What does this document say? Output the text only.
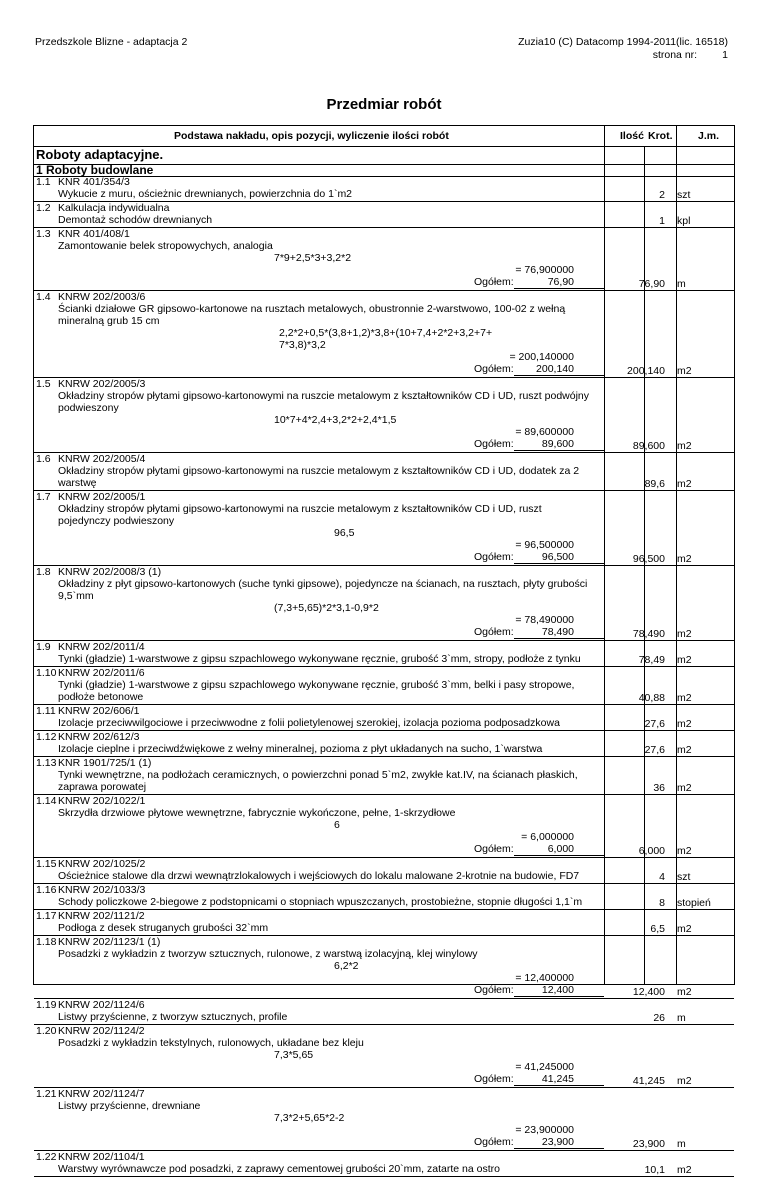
Przedszkole Blizne - adaptacja 2	Zuzia10 (C) Datacomp 1994-2011(lic. 16518)
strona nr: 1
Przedmiar robót
Podstawa nakładu, opis pozycji, wyliczenie ilości robót	Ilość Krot. J.m.
Roboty adaptacyjne.
1 Roboty budowlane
1.1 KNR 401/354/3
Wykucie z muru, ościeżnic drewnianych, powierzchnia do 1`m2	2	szt
1.2 Kalkulacja indywidualna
Demontaż schodów drewnianych	1	kpl
1.3 KNR 401/408/1
Zamontowanie belek stropowychych, analogia
7*9+2,5*3+3,2*2
= 76,900000
Ogółem:	76,90	76,90	m
1.4 KNRW 202/2003/6
Ścianki działowe GR gipsowo-kartonowe na rusztach metalowych, obustronnie 2-warstwowo, 100-02 z wełną
mineralną grub 15 cm
2,2*2+0,5*(3,8+1,2)*3,8+(10+7,4+2*2+3,2+7+
7*3,8)*3,2
= 200,140000
Ogółem: 200,140	200,140	m2
1.5 KNRW 202/2005/3
Okładziny stropów płytami gipsowo-kartonowymi na ruszcie metalowym z kształtowników CD i UD, ruszt podwójny
podwieszony
10*7+4*2,4+3,2*2+2,4*1,5
= 89,600000
Ogółem:	89,600	89,600	m2
1.6 KNRW 202/2005/4
Okładziny stropów płytami gipsowo-kartonowymi na ruszcie metalowym z kształtowników CD i UD, dodatek za 2
warstwę	89,6	m2
1.7 KNRW 202/2005/1
Okładziny stropów płytami gipsowo-kartonowymi na ruszcie metalowym z kształtowników CD i UD, ruszt
pojedynczy podwieszony
96,5
= 96,500000
Ogółem:	96,500	96,500	m2
1.8 KNRW 202/2008/3 (1)
Okładziny z płyt gipsowo-kartonowych (suche tynki gipsowe), pojedyncze na ścianach, na rusztach, płyty grubości
9,5`mm
(7,3+5,65)*2*3,1-0,9*2
= 78,490000
Ogółem:	78,490	78,490	m2
1.9 KNRW 202/2011/4
Tynki (gładzie) 1-warstwowe z gipsu szpachlowego wykonywane ręcznie, grubość 3`mm, stropy, podłoże z tynku	78,49	m2
1.10 KNRW 202/2011/6
Tynki (gładzie) 1-warstwowe z gipsu szpachlowego wykonywane ręcznie, grubość 3`mm, belki i pasy stropowe,
podłoże betonowe	40,88	m2
1.11 KNRW 202/606/1
Izolacje przeciwwilgociowe i przeciwwodne z folii polietylenowej szerokiej, izolacja pozioma podposadzkowa	27,6	m2
1.12 KNRW 202/612/3
Izolacje cieplne i przeciwdźwiękowe z wełny mineralnej, pozioma z płyt układanych na sucho, 1`warstwa	27,6	m2
1.13 KNR 1901/725/1 (1)
Tynki wewnętrzne, na podłożach ceramicznych, o powierzchni ponad 5`m2, zwykłe kat.IV, na ścianach płaskich,
zaprawa porowatej	36	m2
1.14 KNRW 202/1022/1
Skrzydła drzwiowe płytowe wewnętrzne, fabrycznie wykończone, pełne, 1-skrzydłowe
6
= 6,000000
Ogółem:	6,000	6,000	m2
1.15 KNRW 202/1025/2
Ościeżnice stalowe dla drzwi wewnątrzlokalowych i wejściowych do lokalu malowane 2-krotnie na budowie, FD7	4	szt
1.16 KNRW 202/1033/3
Schody policzkowe 2-biegowe z podstopnicami o stopniach wpuszczanych, prostobieżne, stopnie długości 1,1`m	8	stopień
1.17 KNRW 202/1121/2
Podłoga z desek struganych grubości 32`mm	6,5	m2
1.18 KNRW 202/1123/1 (1)
Posadzki z wykładzin z tworzyw sztucznych, rulonowe, z warstwą izolacyjną, klej winylowy
6,2*2
= 12,400000
Ogółem:	12,400	12,400	m2
1.19 KNRW 202/1124/6
Listwy przyścienne, z tworzyw sztucznych, profile	26	m
1.20 KNRW 202/1124/2
Posadzki z wykładzin tekstylnych, rulonowych, układane bez kleju
7,3*5,65
= 41,245000
Ogółem:	41,245	41,245	m2
1.21 KNRW 202/1124/7
Listwy przyścienne, drewniane
7,3*2+5,65*2-2
= 23,900000
Ogółem:	23,900	23,900	m
1.22 KNRW 202/1104/1
Warstwy wyrównawcze pod posadzki, z zaprawy cementowej grubości 20`mm, zatarte na ostro	10,1	m2
